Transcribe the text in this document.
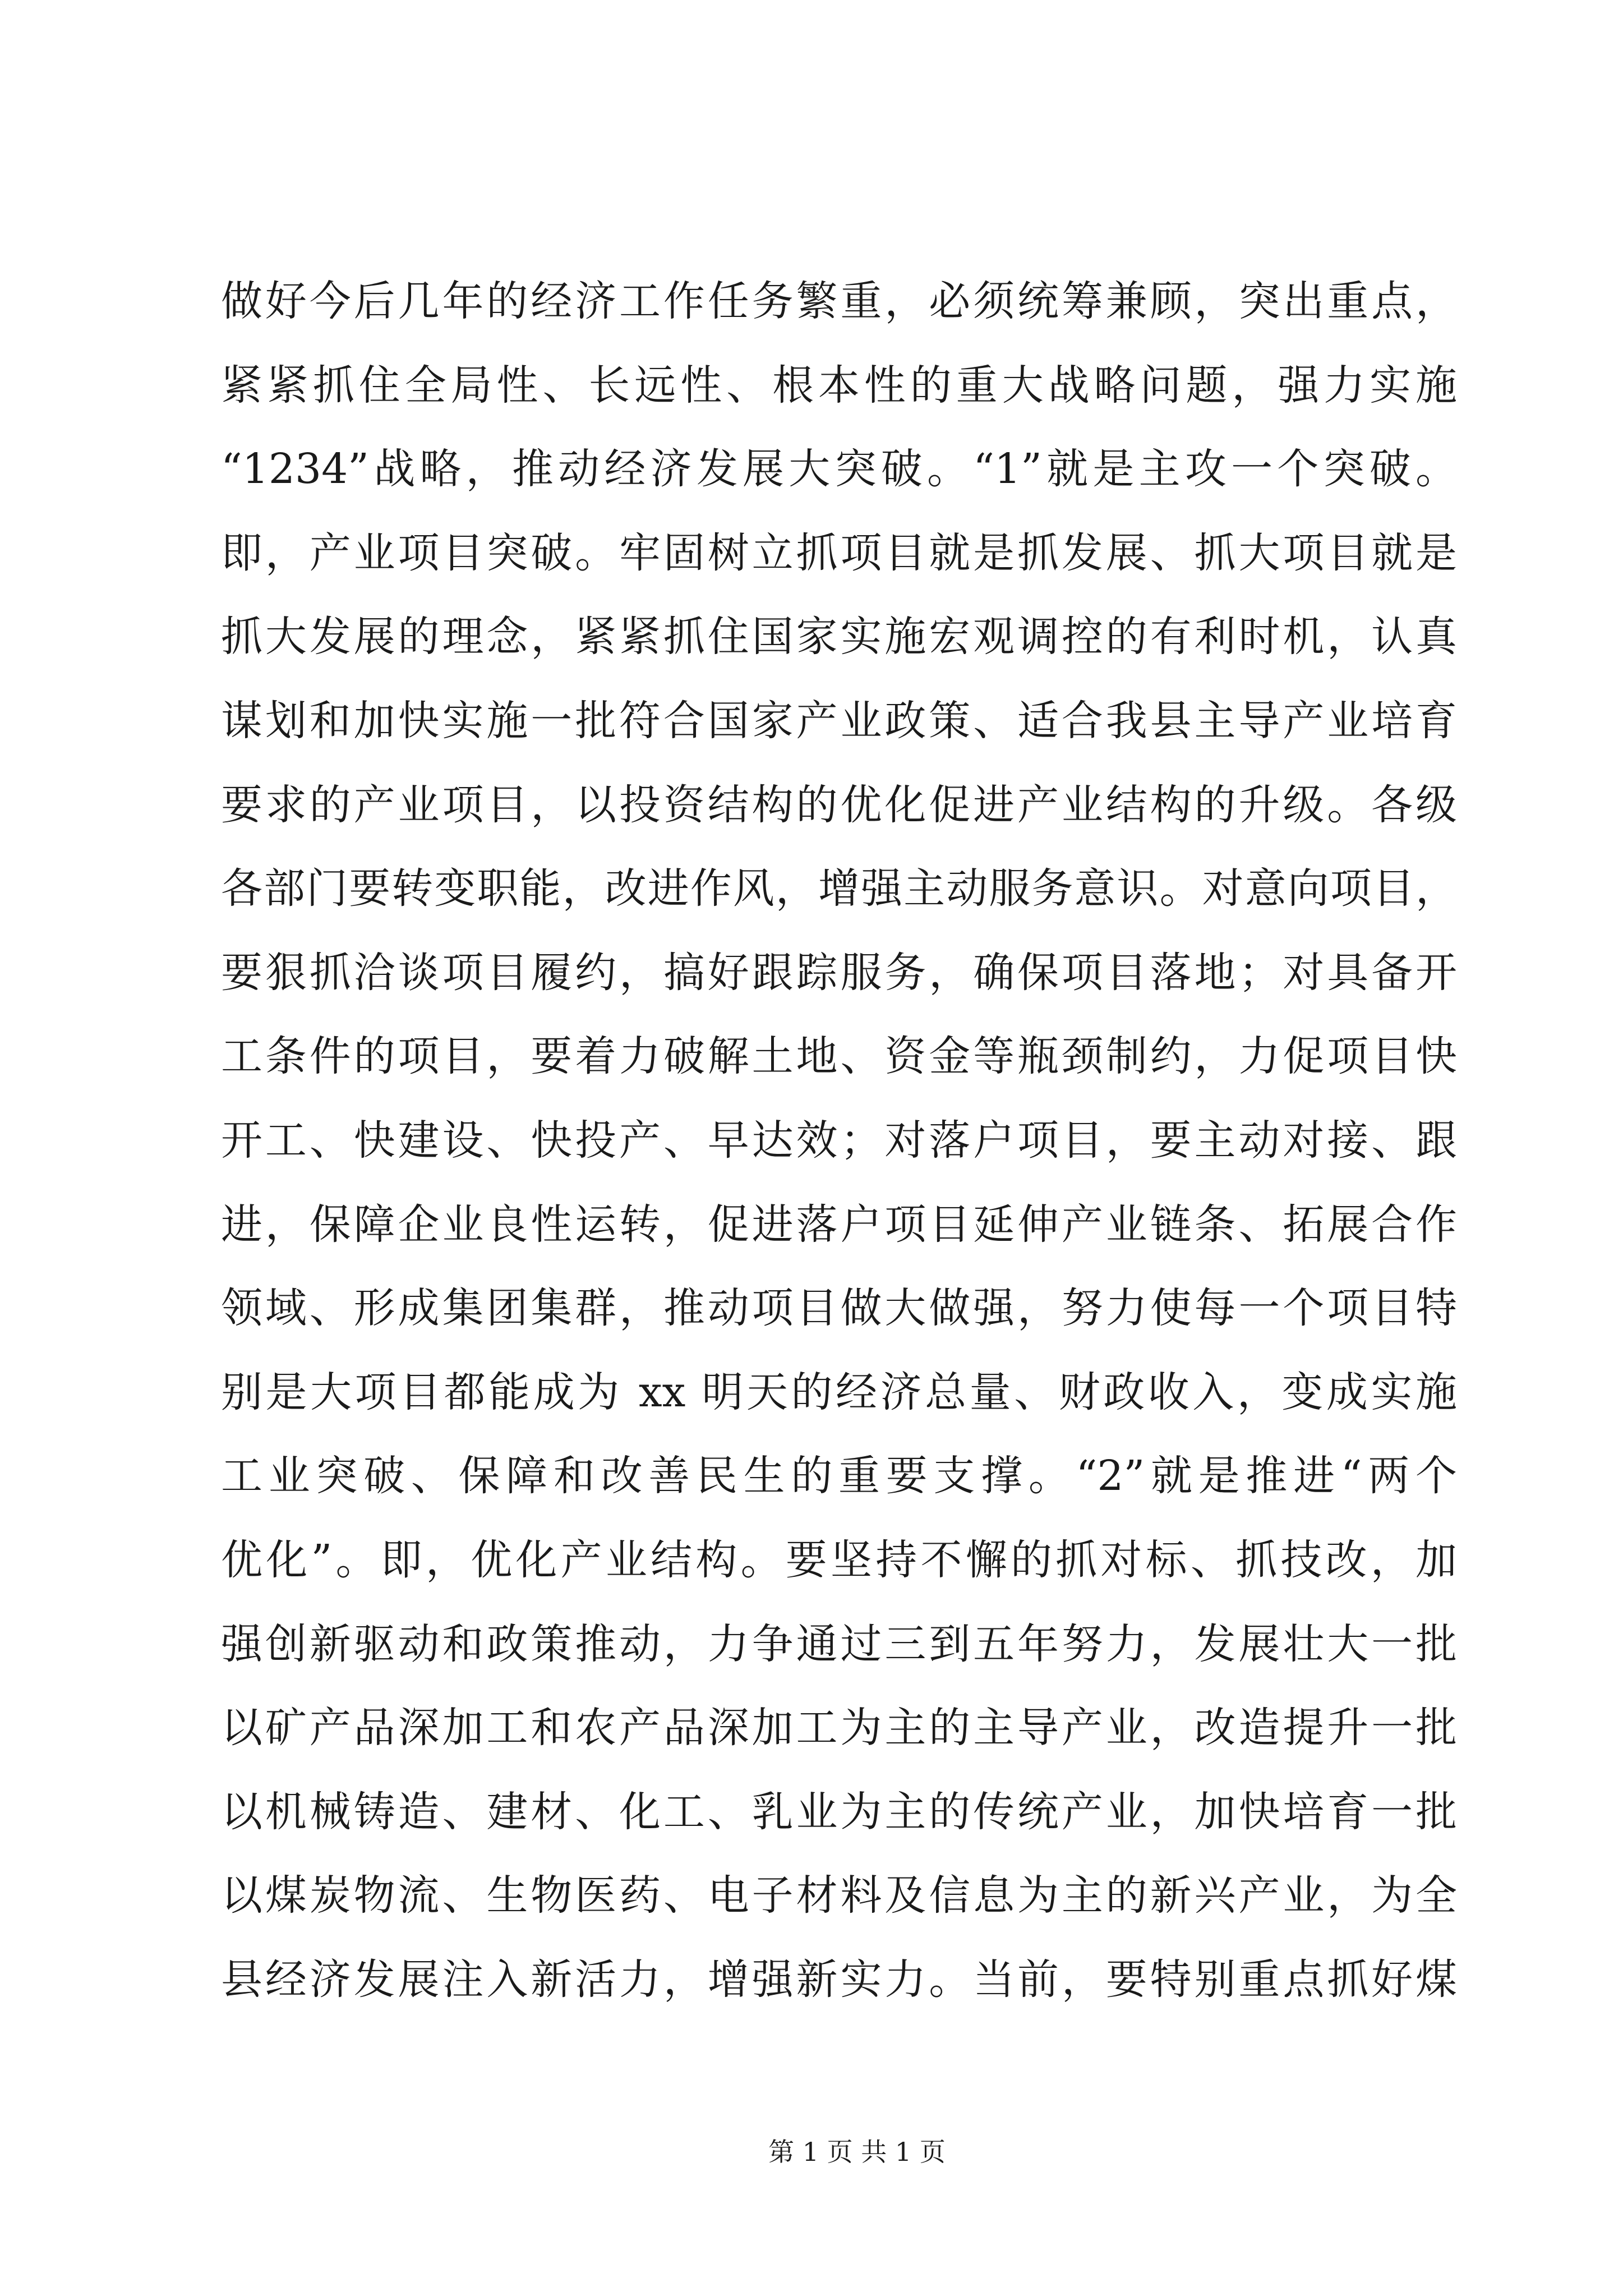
做好今后几年的经济工作任务繁重，必须统筹兼顾，突出重点，
紧紧抓住全局性、长远性、根本性的重大战略问题，强力实施
“1234”战略，推动经济发展大突破。“1”就是主攻一个突破。
即，产业项目突破。牢固树立抓项目就是抓发展、抓大项目就是
抓大发展的理念，紧紧抓住国家实施宏观调控的有利时机，认真
谋划和加快实施一批符合国家产业政策、适合我县主导产业培育
要求的产业项目，以投资结构的优化促进产业结构的升级。各级
各部门要转变职能，改进作风，增强主动服务意识。对意向项目，
要狠抓洽谈项目履约，搞好跟踪服务，确保项目落地；对具备开
工条件的项目，要着力破解土地、资金等瓶颈制约，力促项目快
开工、快建设、快投产、早达效；对落户项目，要主动对接、跟
进，保障企业良性运转，促进落户项目延伸产业链条、拓展合作
领域、形成集团集群，推动项目做大做强，努力使每一个项目特
别是大项目都能成为 xx 明天的经济总量、财政收入，变成实施
工业突破、保障和改善民生的重要支撑。“2”就是推进“两个
优化”。即，优化产业结构。要坚持不懈的抓对标、抓技改，加
强创新驱动和政策推动，力争通过三到五年努力，发展壮大一批
以矿产品深加工和农产品深加工为主的主导产业，改造提升一批
以机械铸造、建材、化工、乳业为主的传统产业，加快培育一批
以煤炭物流、生物医药、电子材料及信息为主的新兴产业，为全
县经济发展注入新活力，增强新实力。当前，要特别重点抓好煤
第 1 页 共 1 页
